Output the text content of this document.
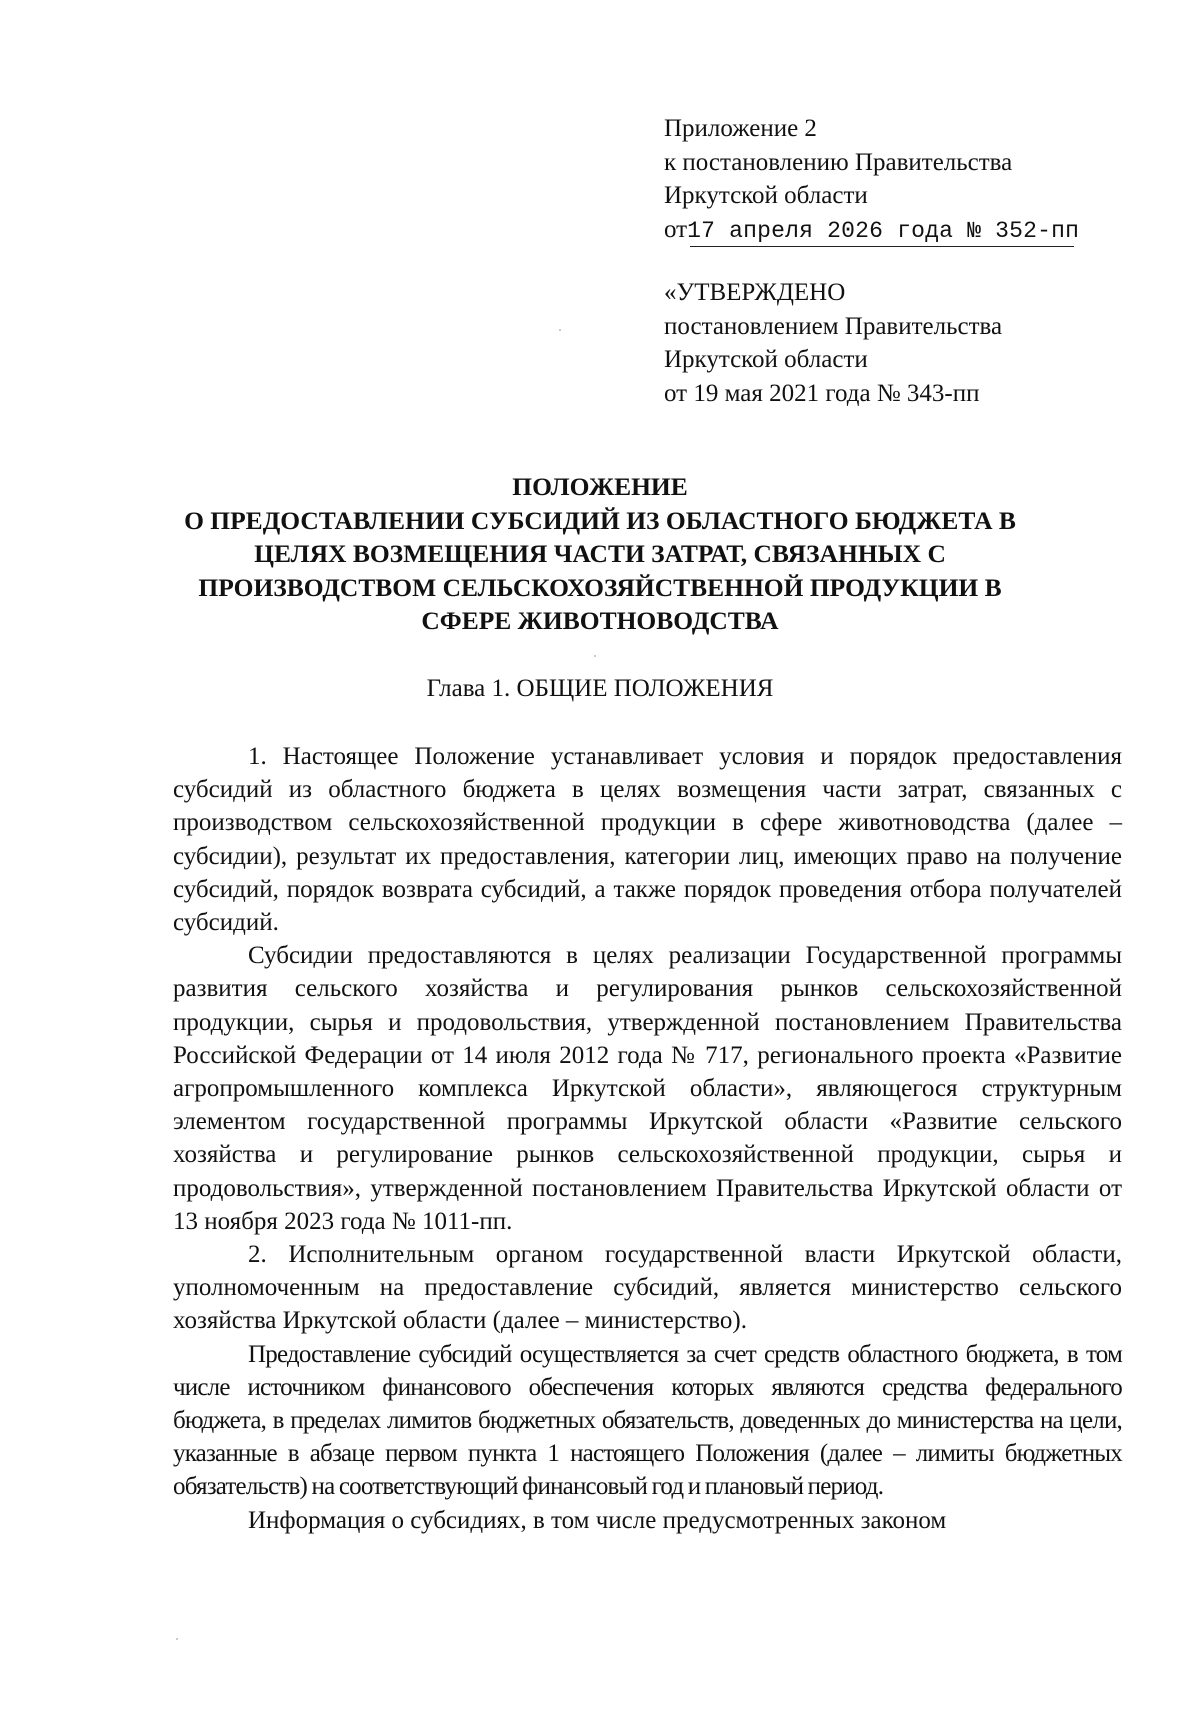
Приложение 2
к постановлению Правительства
Иркутской области
от17 апреля 2026 года № 352-пп
«УТВЕРЖДЕНО
постановлением Правительства
Иркутской области
от 19 мая 2021 года № 343-пп
ПОЛОЖЕНИЕ
О ПРЕДОСТАВЛЕНИИ СУБСИДИЙ ИЗ ОБЛАСТНОГО БЮДЖЕТА В
ЦЕЛЯХ ВОЗМЕЩЕНИЯ ЧАСТИ ЗАТРАТ, СВЯЗАННЫХ С
ПРОИЗВОДСТВОМ СЕЛЬСКОХОЗЯЙСТВЕННОЙ ПРОДУКЦИИ В
СФЕРЕ ЖИВОТНОВОДСТВА
Глава 1. ОБЩИЕ ПОЛОЖЕНИЯ

1. Настоящее Положение устанавливает условия и порядок предоставления субсидий из областного бюджета в целях возмещения части затрат, связанных с производством сельскохозяйственной продукции в сфере животноводства (далее – субсидии), результат их предоставления, категории лиц, имеющих право на получение субсидий, порядок возврата субсидий, а также порядок проведения отбора получателей субсидий.

Субсидии предоставляются в целях реализации Государственной программы развития сельского хозяйства и регулирования рынков сельскохозяйственной продукции, сырья и продовольствия, утвержденной постановлением Правительства Российской Федерации от 14 июля 2012 года № 717, регионального проекта «Развитие агропромышленного комплекса Иркутской области», являющегося структурным элементом государственной программы Иркутской области «Развитие сельского хозяйства и регулирование рынков сельскохозяйственной продукции, сырья и продовольствия», утвержденной постановлением Правительства Иркутской области от 13 ноября 2023 года № 1011-пп.

2. Исполнительным органом государственной власти Иркутской области, уполномоченным на предоставление субсидий, является министерство сельского хозяйства Иркутской области (далее – министерство).

Предоставление субсидий осуществляется за счет средств областного бюджета, в том числе источником финансового обеспечения которых являются средства федерального бюджета, в пределах лимитов бюджетных обязательств, доведенных до министерства на цели, указанные в абзаце первом пункта 1 настоящего Положения (далее – лимиты бюджетных обязательств) на соответствующий финансовый год и плановый период.

Информация о субсидиях, в том числе предусмотренных законом
